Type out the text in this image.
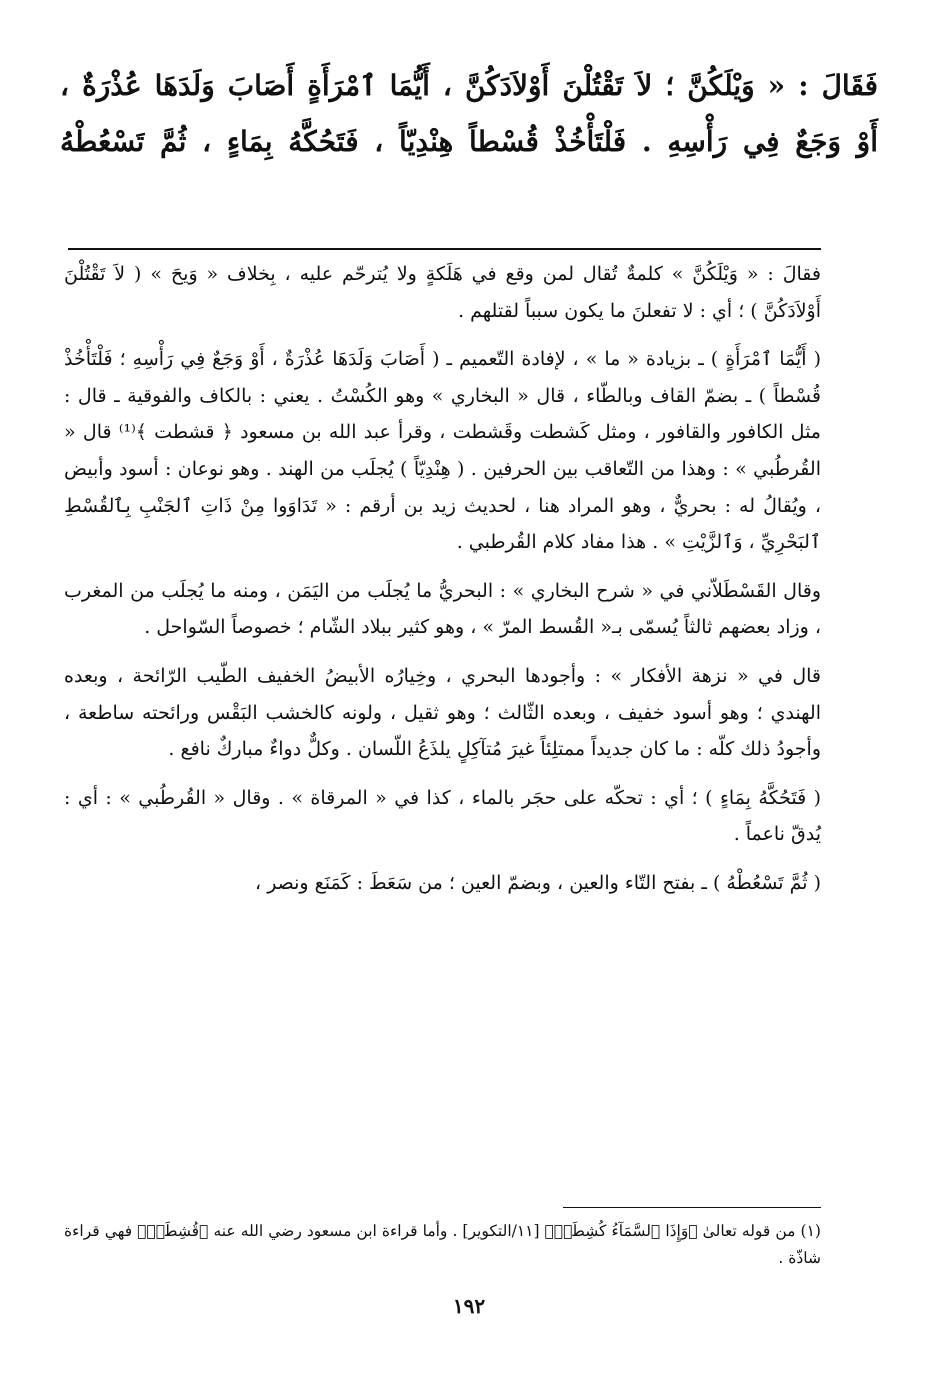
فَقَالَ : « وَيْلَكُنَّ ؛ لاَ تَقْتُلْنَ أَوْلاَدَكُنَّ ، أَيُّمَا ٱمْرَأَةٍ أَصَابَ وَلَدَهَا عُذْرَةٌ ،

أَوْ وَجَعٌ فِي رَأْسِهِ . فَلْتَأْخُذْ قُسْطاً هِنْدِيّاً ، فَتَحُكَّهُ بِمَاءٍ ، ثُمَّ تَسْعُطْهُ

فقالَ : « وَيْلَكُنَّ » كلمةٌ تُقال لمن وقع في هَلَكةٍ ولا يُترحّم عليه ، بِخلاف « وَيحَ » ( لاَ تَقْتُلْنَ أَوْلاَدَكُنَّ ) ؛ أي : لا تفعلنَ ما يكون سبباً لقتلهم .

( أَيُّمَا ٱمْرَأَةٍ ) ـ بزيادة « ما » ، لإفادة التّعميم ـ ( أَصَابَ وَلَدَهَا عُذْرَةٌ ، أَوْ وَجَعٌ فِي رَأْسِهِ ؛ فَلْتَأْخُذْ قُسْطاً ) ـ بضمّ القاف وبالطّاء ، قال « البخاري » وهو الكُسْتُ . يعني : بالكاف والفوقية ـ قال : مثل الكافور والقافور ، ومثل كَشطت وقَشطت ، وقرأ عبد الله بن مسعود ﴿ قشطت ﴾⁽¹⁾ قال « القُرطُبي » : وهذا من التّعاقب بين الحرفين . ( هِنْدِيّاً ) يُجلَب من الهند . وهو نوعان : أسود وأبيض ، ويُقالُ له : بحريٌّ ، وهو المراد هنا ، لحديث زيد بن أرقم : « تَدَاوَوا مِنْ ذَاتِ ٱلجَنْبِ بِٱلقُسْطِ ٱلبَحْرِيِّ ، وَٱلزَّيْتِ » . هذا مفاد كلام القُرطبي .

وقال القَسْطَلاّني في « شرح البخاري » : البحريُّ ما يُجلَب من اليَمَن ، ومنه ما يُجلَب من المغرب ، وزاد بعضهم ثالثاً يُسمّى بـ« القُسط المرّ » ، وهو كثير ببلاد الشّام ؛ خصوصاً السّواحل .

قال في « نزهة الأفكار » : وأجودها البحري ، وخِيارُه الأبيضُ الخفيف الطّيب الرّائحة ، وبعده الهندي ؛ وهو أسود خفيف ، وبعده الثّالث ؛ وهو ثقيل ، ولونه كالخشب البَقْس ورائحته ساطعة ، وأجودُ ذلك كلّه : ما كان جديداً ممتلِئاً غيرَ مُتآكِلٍ يلذَعُ اللّسان . وكلٌّ دواءٌ مباركٌ نافع .

( فَتَحُكَّهُ بِمَاءٍ ) ؛ أي : تحكّه على حجَر بالماء ، كذا في « المرقاة » . وقال « القُرطُبي » : أي : يُدقّ ناعماً .

( ثُمَّ تَسْعُطْهُ ) ـ بفتح التّاء والعين ، وبضمّ العين ؛ من سَعَطَ : كَمَنَع ونصر ،

(١) من قوله تعالىٰ ﴿وَإِذَا ٱلسَّمَآءُ كُشِطَتۡ﴾ [١١/التكوير] . وأما قراءة ابن مسعود رضي الله عنه ﴿قُشِطَتۡ﴾ فهي قراءة شاذّة .

١٩٢
